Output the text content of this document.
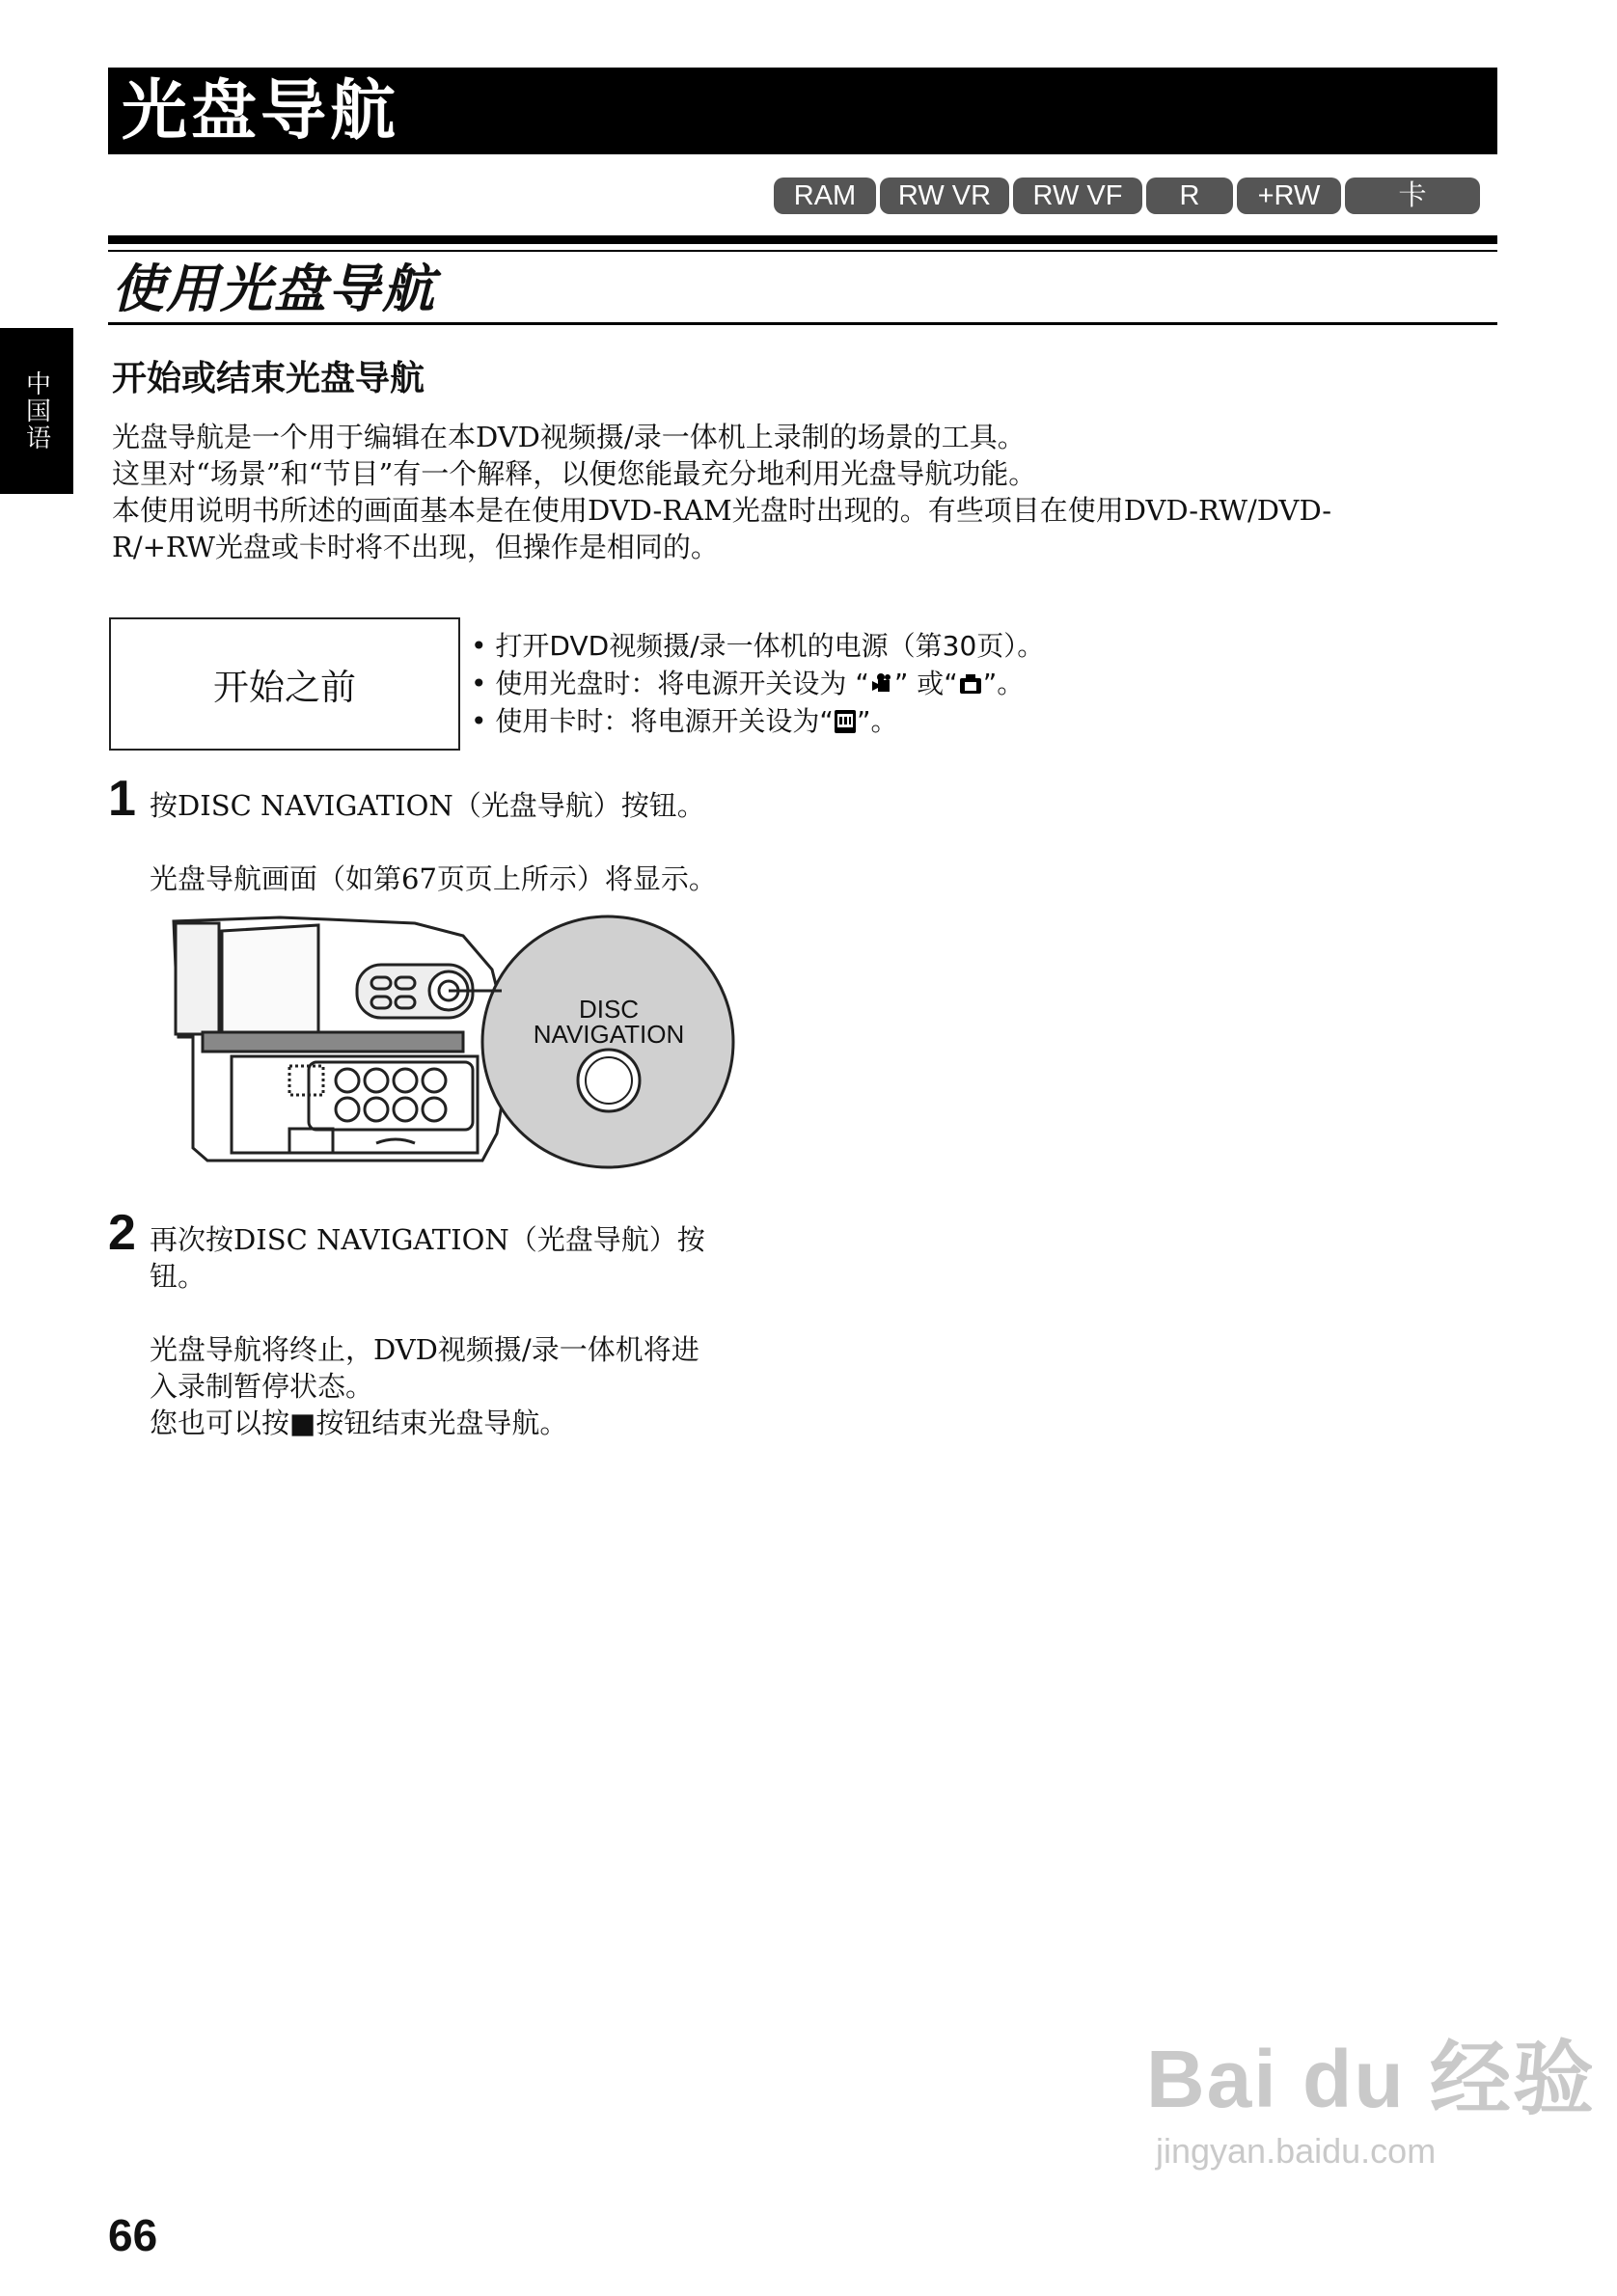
光盘导航
RAM	RW VR	RW VF	R	+RW	卡
使用光盘导航
中国语	开始或结束光盘导航

光盘导航是一个用于编辑在本DVD视频摄/录一体机上录制的场景的工具。

这里对“场景”和“节目”有一个解释，以便您能最充分地利用光盘导航功能。

本使用说明书所述的画面基本是在使用DVD-RAM光盘时出现的。有些项目在使用DVD-RW/DVD-

R/+RW光盘或卡时将不出现，但操作是相同的。

开始之前
• 打开DVD视频摄/录一体机的电源（第30页）。
• 使用光盘时：将电源开关设为 “ ” 或“ ”。
• 使用卡时：将电源开关设为“ ”。
1 按DISC NAVIGATION（光盘导航）按钮。
光盘导航画面（如第67页页上所示）将显示。
DISC
NAVIGATION
2 再次按DISC NAVIGATION（光盘导航）按
钮。
光盘导航将终止，DVD视频摄/录一体机将进
入录制暂停状态。
您也可以按■按钮结束光盘导航。
Bai du 经验
jingyan.baidu.com
66
